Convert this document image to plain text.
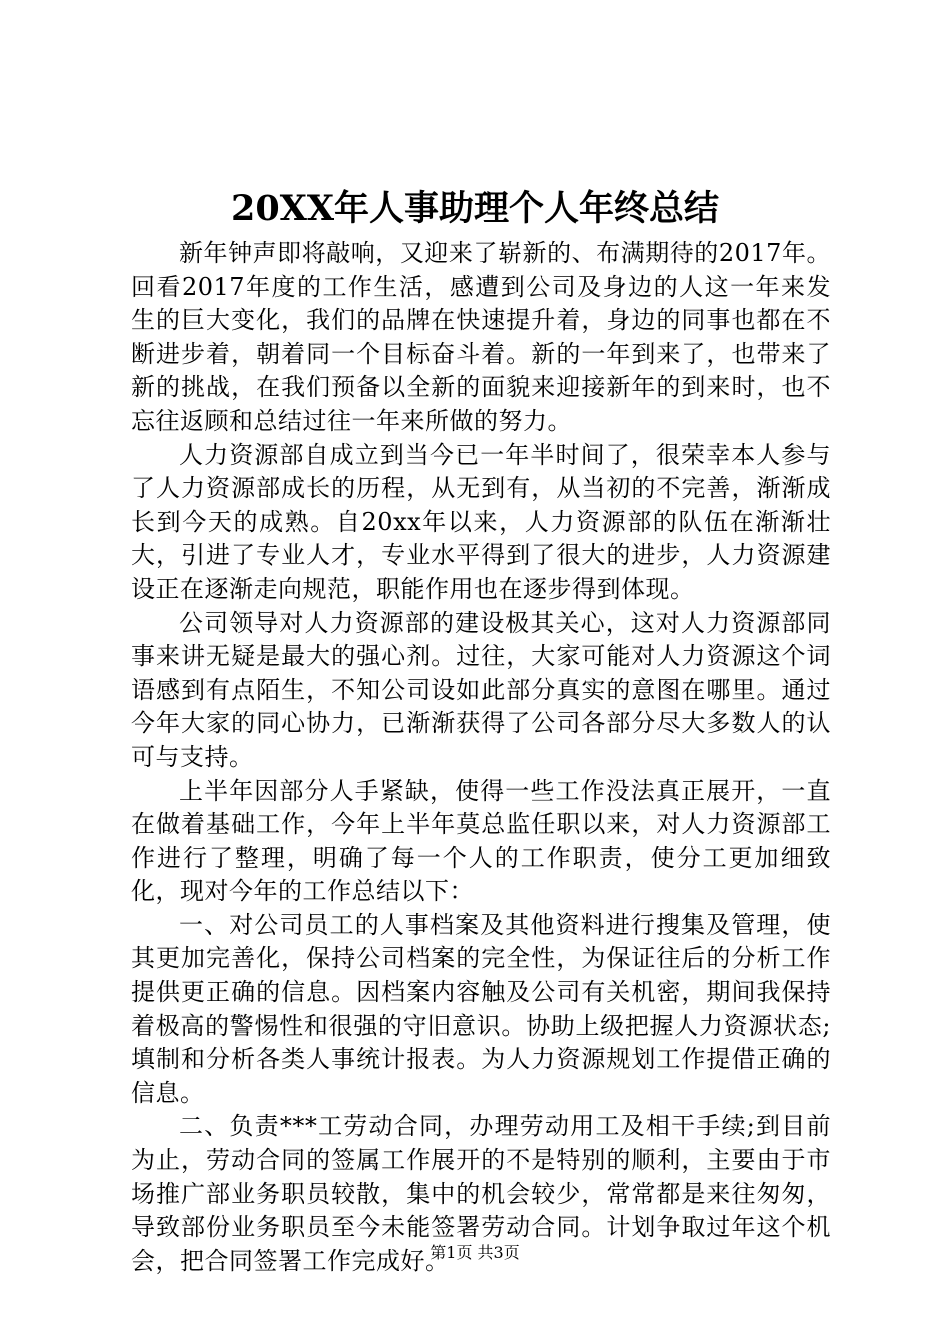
20XX年人事助理个人年终总结

新年钟声即将敲响，又迎来了崭新的、布满期待的2017年。回看2017年度的工作生活，感遭到公司及身边的人这一年来发生的巨大变化，我们的品牌在快速提升着，身边的同事也都在不断进步着，朝着同一个目标奋斗着。新的一年到来了，也带来了新的挑战，在我们预备以全新的面貌来迎接新年的到来时，也不忘往返顾和总结过往一年来所做的努力。

人力资源部自成立到当今已一年半时间了，很荣幸本人参与了人力资源部成长的历程，从无到有，从当初的不完善，渐渐成长到今天的成熟。自20xx年以来，人力资源部的队伍在渐渐壮大，引进了专业人才，专业水平得到了很大的进步，人力资源建设正在逐渐走向规范，职能作用也在逐步得到体现。

公司领导对人力资源部的建设极其关心，这对人力资源部同事来讲无疑是最大的强心剂。过往，大家可能对人力资源这个词语感到有点陌生，不知公司设如此部分真实的意图在哪里。通过今年大家的同心协力，已渐渐获得了公司各部分尽大多数人的认可与支持。

上半年因部分人手紧缺，使得一些工作没法真正展开，一直在做着基础工作，今年上半年莫总监任职以来，对人力资源部工作进行了整理，明确了每一个人的工作职责，使分工更加细致化，现对今年的工作总结以下：

一、对公司员工的人事档案及其他资料进行搜集及管理，使其更加完善化，保持公司档案的完全性，为保证往后的分析工作提供更正确的信息。因档案内容触及公司有关机密，期间我保持着极高的警惕性和很强的守旧意识。协助上级把握人力资源状态;填制和分析各类人事统计报表。为人力资源规划工作提借正确的信息。

二、负责***工劳动合同，办理劳动用工及相干手续;到目前为止，劳动合同的签属工作展开的不是特别的顺利，主要由于市场推广部业务职员较散，集中的机会较少，常常都是来往匆匆，导致部份业务职员至今未能签署劳动合同。计划争取过年这个机会，把合同签署工作完成好。

第1页 共3页
